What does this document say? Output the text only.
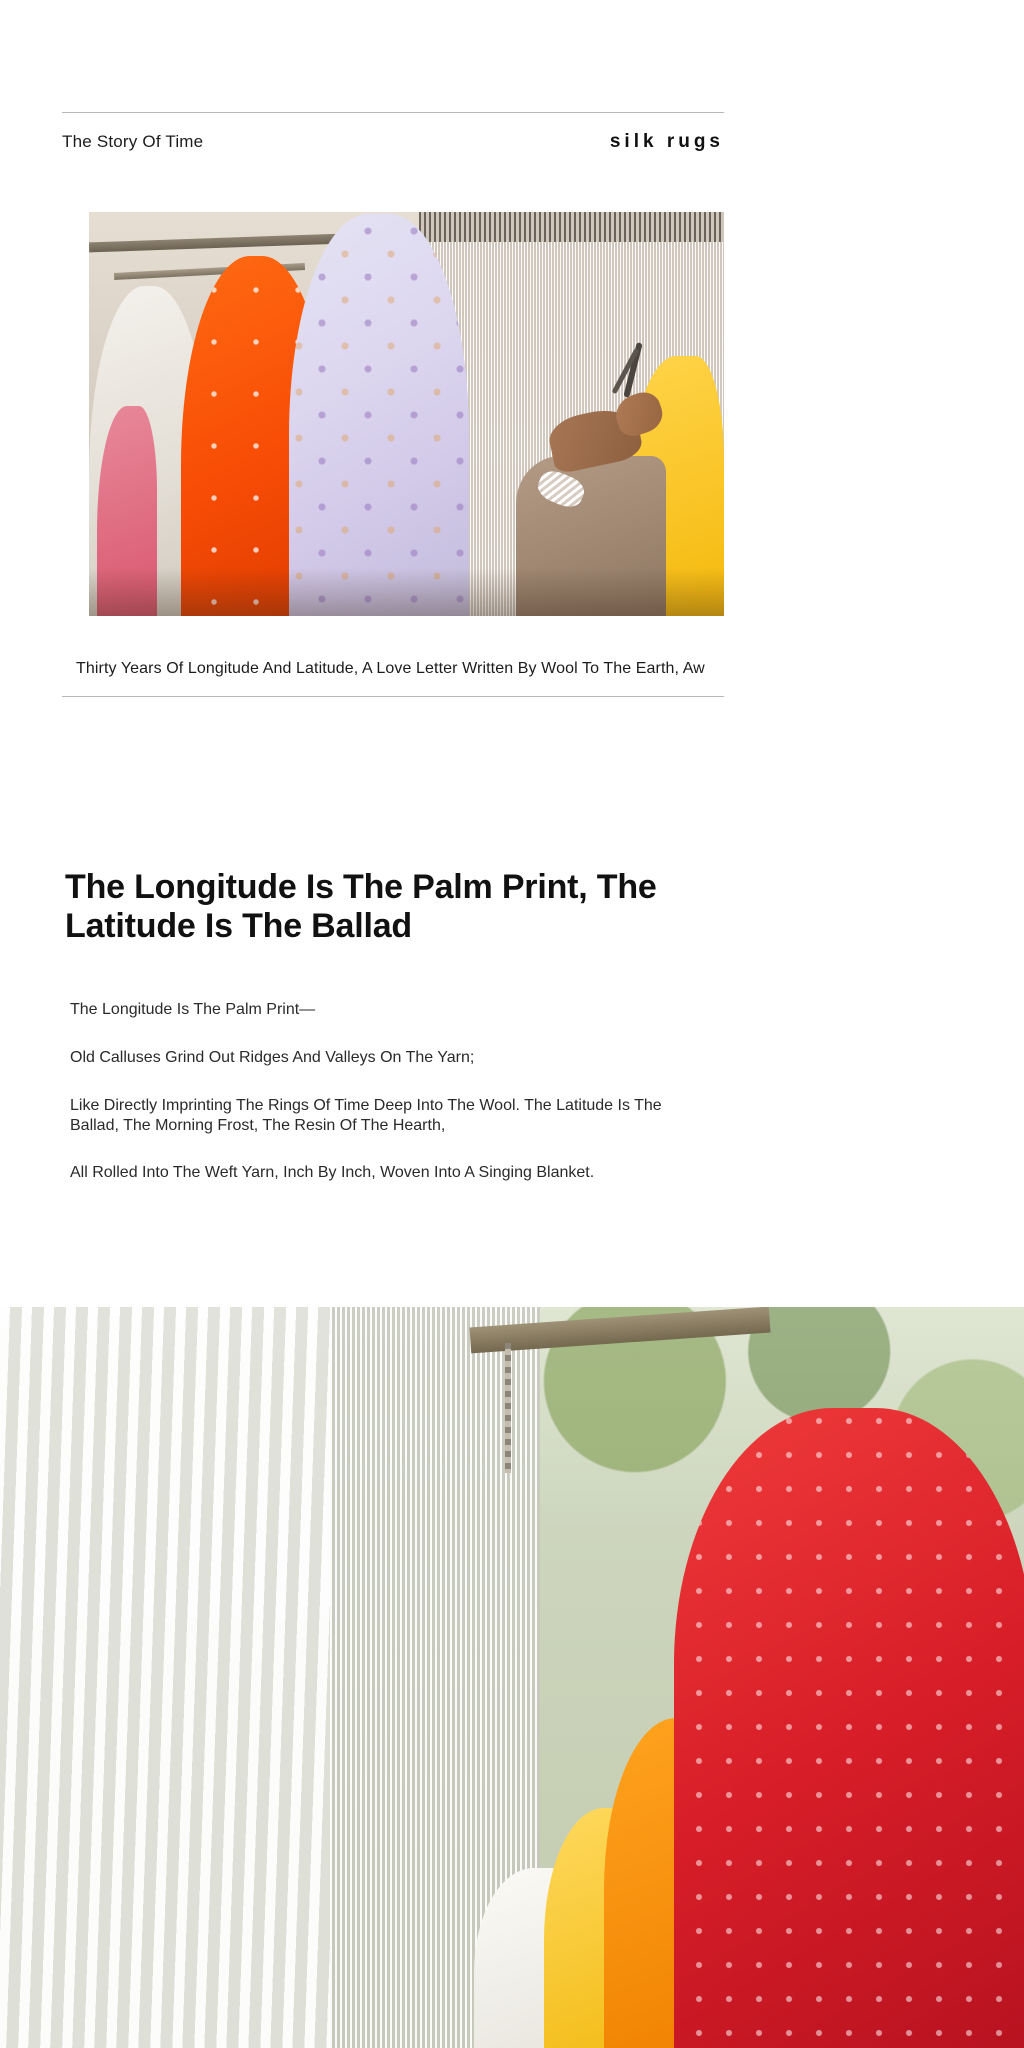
The Story Of Time	silk rugs
Thirty Years Of Longitude And Latitude, A Love Letter Written By Wool To The Earth, Aw
The Longitude Is The Palm Print, The Latitude Is The Ballad

The Longitude Is The Palm Print—

Old Calluses Grind Out Ridges And Valleys On The Yarn;

Like Directly Imprinting The Rings Of Time Deep Into The Wool. The Latitude Is The Ballad, The Morning Frost, The Resin Of The Hearth,

All Rolled Into The Weft Yarn, Inch By Inch, Woven Into A Singing Blanket.
